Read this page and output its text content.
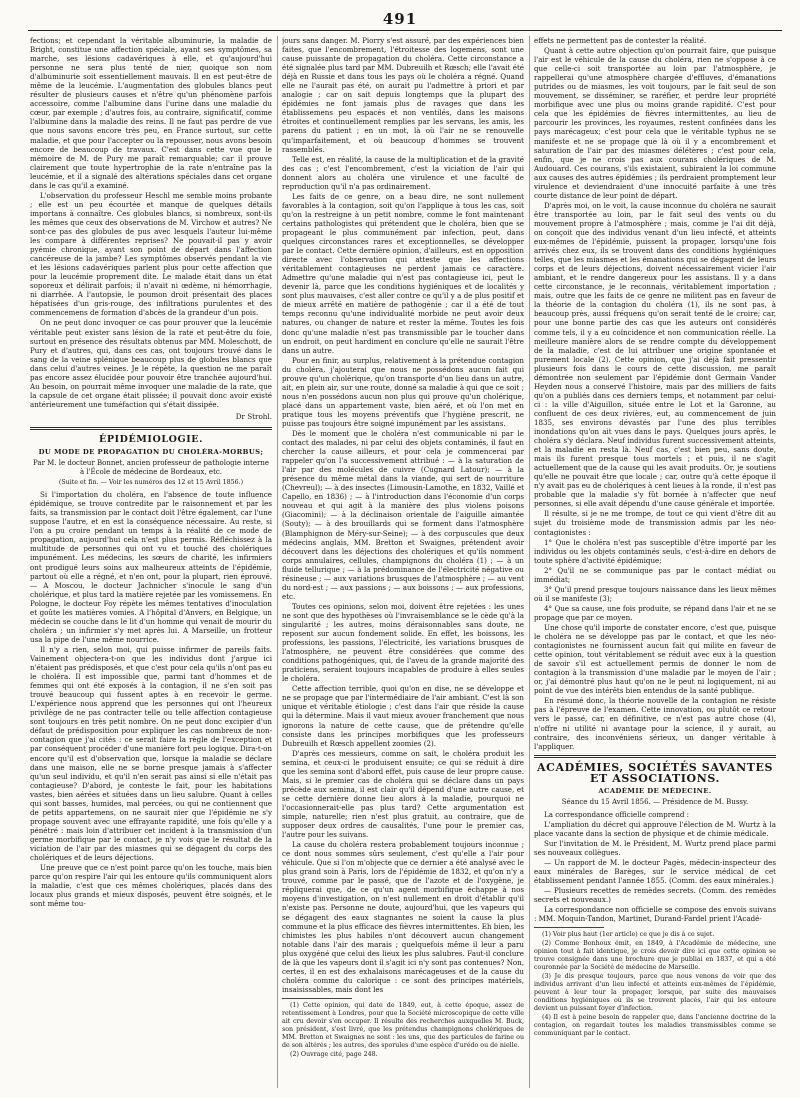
491

fections; et cependant la véritable albuminurie, la maladie de Bright, constitue une affection spéciale, ayant ses symptômes, sa marche, ses lésions cadavériques à elle, et qu'aujourd'hui personne ne sera plus tenté de nier, quoique son nom d'albuminurie soit essentiellement mauvais. Il en est peut-être de même de la leucémie. L'augmentation des globules blancs peut résulter de plusieurs causes et n'être qu'un phénomène parfois accessoire, comme l'albumine dans l'urine dans une maladie du cœur, par exemple ; d'autres fois, au contraire, significatif, comme l'albumine dans la maladie des reins. Il ne faut pas perdre de vue que nous savons encore très peu, en France surtout, sur cette maladie, et que pour l'accepter ou la repousser, nous avons besoin encore de beaucoup de travaux. C'est dans cette vue que le mémoire de M. de Pury me paraît remarquable; car il prouve clairement que toute hypertrophie de la rate n'entraîne pas la leucémie, et il a signalé des altérations spéciales dans cet organe dans le cas qu'il a examiné.

L'observation du professeur Heschl me semble moins probante ; elle est un peu écourtée et manque de quelques détails importans à connaître. Ces globules blancs, si nombreux, sont-ils les mêmes que ceux des observations de M. Virchow et autres? Ne sont-ce pas des globules de pus avec lesquels l'auteur lui-même les compare à différentes reprises? Ne pouvait-il pas y avoir pyémie chronique, ayant son point de départ dans l'affection cancéreuse de la jambe? Les symptômes observés pendant la vie et les lésions cadavériques parlent plus pour cette affection que pour la leucémie proprement dite. Le malade était dans un état soporeux et délirait parfois; il n'avait ni œdème, ni hémorrhagie, ni diarrhée. A l'autopsie, le poumon droit présentait des places hépatisées d'un gris-rouge, des infiltrations purulentes et des commencemens de formation d'abcès de la grandeur d'un pois.

On ne peut donc invoquer ce cas pour prouver que la leucémie véritable peut exister sans lésion de la rate et peut-être du foie, surtout en présence des résultats obtenus par MM. Moleschott, de Pury et d'autres, qui, dans ces cas, ont toujours trouvé dans le sang de la veine splénique beaucoup plus de globules blancs que dans celui d'autres veines. Je le répète, la question ne me paraît pas encore assez élucidée pour pouvoir être tranchée aujourd'hui. Au besoin, on pourrait même invoquer une maladie de la rate, que la capsule de cet organe était plissée; il pouvait donc avoir existé antérieurement une tuméfaction qui s'était dissipée.

Dr Strohl.
ÉPIDÉMIOLOGIE.
DU MODE DE PROPAGATION DU CHOLÉRA-MORBUS;
Par M. le docteur Bonnet, ancien professeur de pathologie interne à l'École de médecine de Bordeaux, etc.
(Suite et fin. — Voir les numéros des 12 et 15 Avril 1856.)

Si l'importation du choléra, en l'absence de toute influence épidémique, se trouve contredite par le raisonnement et par les faits, sa transmission par le contact doit l'être également, car l'une suppose l'autre, et en est la conséquence nécessaire. Au reste, si l'on a pu croire pendant un temps à la réalité de ce mode de propagation, aujourd'hui cela n'est plus permis. Réfléchissez à la multitude de personnes qui ont vu et touché des cholériques impunément. Les médecins, les sœurs de charité, les infirmiers ont prodigué leurs soins aux malheureux atteints de l'épidémie, partout où elle a régné, et n'en ont, pour la plupart, rien éprouvé. — A Moscou, le docteur Jachnicher s'inocule le sang d'un cholérique, et plus tard la matière rejetée par les vomissemens. En Pologne, le docteur Foy répète les mêmes tentatives d'inoculation et goûte les matières vomies. A l'hôpital d'Anvers, en Belgique, un médecin se couche dans le lit d'un homme qui venait de mourir du choléra ; un infirmier s'y met après lui. A Marseille, un frotteur usa la pipe de l'une même nourrice.

Il n'y a rien, selon moi, qui puisse infirmer de pareils faits. Vainement objectera-t-on que les individus dont j'argue ici n'étaient pas prédisposés, et que c'est pour cela qu'ils n'ont pas eu le choléra. Il est impossible que, parmi tant d'hommes et de femmes qui ont été exposés à la contagion, il ne s'en soit pas trouvé beaucoup qui fussent aptes à en recevoir le germe. L'expérience nous apprend que les personnes qui ont l'heureux privilège de ne pas contracter telle ou telle affection contagieuse sont toujours en très petit nombre. On ne peut donc excipier d'un défaut de prédisposition pour expliquer les cas nombreux de non-contagion que j'ai cités : ce serait faire la règle de l'exception et par conséquent procéder d'une manière fort peu logique. Dira-t-on encore qu'il est d'observation que, lorsque la maladie se déclare dans une maison, elle ne se borne presque jamais à s'affecter qu'un seul individu, et qu'il n'en serait pas ainsi si elle n'était pas contagieuse? D'abord, je conteste le fait, pour les habitations vastes, bien aérées et situées dans un lieu salubre. Quant à celles qui sont basses, humides, mal percées, ou qui ne contiennent que de petits appartemens, on ne saurait nier que l'épidémie ne s'y propage souvent avec une effrayante rapidité, une fois qu'elle y a pénétré : mais loin d'attribuer cet incident à la transmission d'un germe morbifique par le contact, je n'y vois que le résultat de la viciation de l'air par des miasmes qui se dégagent du corps des cholériques et de leurs déjections.

Une preuve que ce n'est point parce qu'on les touche, mais bien parce qu'on respire l'air qui les entoure qu'ils communiquent alors la maladie, c'est que ces mêmes cholériques, placés dans des locaux plus grands et mieux disposés, peuvent être soignés, et le sont même tou-

jours sans danger. M. Piorry s'est assuré, par des expériences bien faites, que l'encombrement, l'étroitesse des logemens, sont une cause puissante de propagation du choléra. Cette circonstance a été signalée plus tard par MM. Dubreuilh et Rœsch; elle l'avait été déjà en Russie et dans tous les pays où le choléra a régné. Quand elle ne l'aurait pas été, on aurait pu l'admettre à priori et par analogie ; car on sait depuis longtemps que la plupart des épidémies ne font jamais plus de ravages que dans les établissemens peu espacés et non ventilés, dans les maisons étroites et continuellement remplies par les servans, les amis, les parens du patient ; en un mot, là où l'air ne se renouvelle qu'imparfaitement, et où beaucoup d'hommes se trouvent rassemblés.

Telle est, en réalité, la cause de la multiplication et de la gravité des cas ; c'est l'encombrement, c'est la viciation de l'air qui donnent alors au choléra une virulence et une faculté de reproduction qu'il n'a pas ordinairement.

Les faits de ce genre, on a beau dire, ne sont nullement favorables à la contagion, soit qu'on l'applique à tous les cas, soit qu'on la restreigne à un petit nombre, comme le font maintenant certains pathologistes qui prétendent que le choléra, bien que se propageant le plus communément par infection, peut, dans quelques circonstances rares et exceptionnelles, se développer par le contact. Cette dernière opinion, d'ailleurs, est en opposition directe avec l'observation qui atteste que les affections véritablement contagieuses ne perdent jamais ce caractère. Admettre qu'une maladie qui n'est pas contagieuse ici, peut le devenir là, parce que les conditions hygiéniques et de localités y sont plus mauvaises, c'est aller contre ce qu'il y a de plus positif et de mieux arrêté en matière de pathogénie ; car il a été de tout temps reconnu qu'une individualité morbide ne peut avoir deux natures, ou changer de nature et rester la même. Toutes les fois donc qu'une maladie n'est pas transmissible par le toucher dans un endroit, on peut hardiment en conclure qu'elle ne saurait l'être dans un autre.

Pour en finir, au surplus, relativement à la prétendue contagion du choléra, j'ajouterai que nous ne possédons aucun fait qui prouve qu'un cholérique, qu'on transporte d'un lieu dans un autre, ait, en plein air, sur une route, donné sa maladie à qui que ce soit ; nous n'en possédons aucun non plus qui prouve qu'un cholérique, placé dans un appartement vaste, bien aéré, et où l'on met en pratique tous les moyens préventifs que l'hygiène prescrit, ne puisse pas toujours être soigné impunément par les assistans.

Dès le moment que le choléra n'est communicable ni par le contact des malades, ni par celui des objets contaminés, il faut en chercher la cause ailleurs, et pour cela je commencerai par rappeler qu'on l'a successivement attribué : — à la saturation de l'air par des molécules de cuivre (Cugnard Latour); — à la présence du même métal dans la viande, qui sert de nourriture (Chevreul); — à des insectes (Limousin-Lamothe, en 1832, Vaillé et Capello, en 1836) ; — à l'introduction dans l'économie d'un corps nouveau et qui agit à la manière des plus violens poisons (Giacomini); — à la déclinaison orientale de l'aiguille aimantée (Souty); — à des brouillards qui se forment dans l'atmosphère (Blamphignon de Méry-sur-Seine); — à des corpuscules que deux médecins anglais, MM. Bretton et Swaignes, prétendent avoir découvert dans les déjections des cholériques et qu'ils nomment corps annulaires, cellules, champignons du choléra (1) ; — à un fluide tellurique ; — à la prédominance de l'électricité négative ou résineuse ; — aux variations brusques de l'atmosphère ; — au vent du nord-est ; — aux passions ; — aux boissons ; — aux professions, etc.

Toutes ces opinions, selon moi, doivent être rejetées : les unes ne sont que des hypothèses où l'invraisemblance se le cède qu'à la singularité ; les autres, moins déraisonnables sans doute, ne reposent sur aucun fondement solide. En effet, les boissons, les professions, les passions, l'électricité, les variations brusques de l'atmosphère, ne peuvent être considérées que comme des conditions pathogéniques, qui, de l'aveu de la grande majorité des praticiens, seraient toujours incapables de produire à elles seules le choléra.

Cette affection terrible, quoi qu'on en dise, ne se développe et ne se propage que par l'intermédiaire de l'air ambiant. C'est là son unique et véritable étiologie ; c'est dans l'air que réside la cause qui la détermine. Mais il vaut mieux avouer franchement que nous ignorons la nature de cette cause, que de prétendre qu'elle consiste dans les principes morbifiques que les professeurs Dubreuilh et Rœsch appellent zoomies (2).

D'après ces messieurs, comme on sait, le choléra produit les semina, et ceux-ci le produisent ensuite; ce qui se réduit à dire que les semina sont d'abord effet, puis cause de leur propre cause. Mais, si le premier cas de choléra qui se déclare dans un pays précède aux semina, il est clair qu'il dépend d'une autre cause, et se cette dernière donne lieu alors à la maladie, pourquoi ne l'occasionnerait-elle pas plus tard? Cette argumentation est simple, naturelle; rien n'est plus gratuit, au contraire, que de supposer deux ordres de causalités, l'une pour le premier cas, l'autre pour les suivans.

La cause du choléra restera probablement toujours inconnue ; ce dont nous sommes sûrs seulement, c'est qu'elle a l'air pour véhicule. Que si l'on m'objecte que ce dernier a été analysé avec le plus grand soin à Paris, lors de l'épidémie de 1832, et qu'on n'y a trouvé, comme par le passé, que de l'azote et de l'oxygène, je répliquerai que, de ce qu'un agent morbifique échappe à nos moyens d'investigation, on n'est nullement en droit d'établir qu'il n'existe pas. Personne ne doute, aujourd'hui, que les vapeurs qui se dégagent des eaux stagnantes ne soient la cause la plus commune et la plus efficace des fièvres intermittentes. Eh bien, les chimistes les plus habiles n'ont découvert aucun changement notable dans l'air des marais ; quelquefois même il leur a paru plus oxygéné que celui des lieux les plus salubres. Faut-il conclure de là que les vapeurs dont il s'agit ici n'y sont pas contenues? Non, certes, il en est des exhalaisons marécageuses et de la cause du choléra comme du calorique : ce sont des principes matériels, insaisissables, mais dont les

(1) Cette opinion, qui date de 1849, eut, à cette époque, assez de retentissement à Londres, pour que la Société microscopique de cette ville ait cru devoir s'en occuper. Il résulte des recherches auxquelles M. Buck, son président, s'est livré, que les prétendus champignons cholériques de MM. Bretton et Swaignes ne sont : les uns, que des particules de farine ou de son altérés ; les autres, des sporules d'une espèce d'urédo ou de nielle.

(2) Ouvrage cité, page 248.

effets ne permettent pas de contester la réalité.

Quant à cette autre objection qu'on pourrait faire, que puisque l'air est le véhicule de la cause du choléra, rien ne s'oppose à ce que celle-ci soit transportée au loin par l'atmosphère, je rappellerai qu'une atmosphère chargée d'effluves, d'émanations putrides ou de miasmes, les voit toujours, par le fait seul de son mouvement, se disséminer, se raréfier, et perdre leur propriété morbifique avec une plus ou moins grande rapidité. C'est pour cela que les épidémies de fièvres intermittentes, au lieu de parcourir les provinces, les royaumes, restent confinées dans les pays marécageux; c'est pour cela que le véritable typhus ne se manifeste et ne se propage que là où il y a encombrement et saturation de l'air par des miasmes délétères ; c'est pour cela, enfin, que je ne crois pas aux courans cholériques de M. Audouard. Ces courans, s'ils existaient, subiraient la loi commune aux causes des autres épidémies ; ils perdraient promptement leur virulence et deviendraient d'une innocuité parfaite à une très courte distance de leur point de départ.

D'après moi, on le voit, la cause inconnue du choléra ne saurait être transportée au loin, par le fait seul des vents ou du mouvement propre à l'atmosphère ; mais, comme je l'ai dit déjà, on conçoit que des individus venant d'un lieu infecté, et atteints eux-mêmes de l'épidémie, puissent la propager, lorsqu'une fois arrivés chez eux, ils se trouvent dans des conditions hygiéniques telles, que les miasmes et les émanations qui se dégagent de leurs corps et de leurs déjections, doivent nécessairement vicier l'air ambiant, et le rendre dangereux pour les assistans. Il y a dans cette circonstance, je le reconnais, véritablement importation ; mais, outre que les faits de ce genre ne militent pas en faveur de la théorie de la contagion du choléra (1), ils ne sont pas, à beaucoup près, aussi fréquens qu'on serait tenté de le croire; car, pour une bonne partie des cas que les auteurs ont considérés comme tels, il y a eu coïncidence et non communication réelle. La meilleure manière alors de se rendre compte du développement de la maladie, c'est de lui attribuer une origine spontanée et purement locale (2). Cette opinion, que j'ai déjà fait pressentir plusieurs fois dans le cours de cette discussion, me paraît démontrée non seulement par l'épidémie dont Germain Vander Heyden nous a conservé l'histoire, mais par des milliers de faits qu'on a publiés dans ces derniers temps, et notamment par celui-ci : la ville d'Aiguillon, située entre le Lot et la Garonne, au confluent de ces deux rivières, eut, au commencement de juin 1835, ses environs dévastés par l'une des plus terribles inondations qu'on ait vues dans le pays. Quelques jours après, le choléra s'y déclara. Neuf individus furent successivement atteints, et la maladie en resta là. Neuf cas, c'est bien peu, sans doute, mais ils furent presque tous mortels ; et puis, il ne s'agit actuellement que de la cause qui les avait produits. Or, je soutiens qu'elle ne pouvait être que locale ; car, outre qu'à cette époque il n'y avait pas eu de cholériques à cent lieues à la ronde, il n'est pas probable que la maladie s'y fût bornée à n'affecter que neuf personnes, si elle avait dépendu d'une cause générale et importée.

Il résulte, si je ne me trompe, de tout ce qui vient d'être dit au sujet du troisième mode de transmission admis par les néo-contagionistes :

1° Que le choléra n'est pas susceptible d'être importé par les individus ou les objets contaminés seuls, c'est-à-dire en dehors de toute sphère d'activité épidémique;

2° Qu'il ne se communique pas par le contact médiat ou immédiat;

3° Qu'il prend presque toujours naissance dans les lieux mêmes où il se manifeste (3);

4° Que sa cause, une fois produite, se répand dans l'air et ne se propage que par ce moyen.

Une chose qu'il importe de constater encore, c'est que, puisque le choléra ne se développe pas par le contact, et que les néo-contagionistes ne fournissent aucun fait qui milite en faveur de cette opinion, tout véritablement se réduit avec eux à la question de savoir s'il est actuellement permis de donner le nom de contagion à la transmission d'une maladie par le moyen de l'air ; or, j'ai démontré plus haut qu'on ne le peut ni logiquement, ni au point de vue des intérêts bien entendus de la santé publique.

En résumé donc, la théorie nouvelle de la contagion ne résiste pas à l'épreuve de l'examen. Cette innovation, ou plutôt ce retour vers le passé, car, en définitive, ce n'est pas autre chose (4), n'offre ni utilité ni avantage pour la science, il y aurait, au contraire, des inconvéniens sérieux, un danger véritable à l'appliquer.

ACADÉMIES, SOCIÉTÉS SAVANTES ET ASSOCIATIONS.
ACADÉMIE DE MÉDECINE.
Séance du 15 Avril 1856. — Présidence de M. Bussy.

La correspondance officielle comprend :

L'ampliation du décret qui approuve l'élection de M. Wurtz à la place vacante dans la section de physique et de chimie médicale.

Sur l'invitation de M. le Président, M. Wurtz prend place parmi ses nouveaux collègues.

— Un rapport de M. le docteur Pagès, médecin-inspecteur des eaux minérales de Barèges, sur le service médical de cet établissement pendant l'année 1855. (Comm. des eaux minérales.)

— Plusieurs recettes de remèdes secrets. (Comm. des remèdes secrets et nouveaux.)

La correspondance non officielle se compose des envois suivans : MM. Moquin-Tandon, Martinet, Durand-Fardel prient l'Acadé-

(1) Voir plus haut (1er article) ce que je dis à ce sujet.

(2) Comme Bonhoux émit, en 1849, à l'Académie de médecine, une opinion tout à fait identique, je crois devoir dire ici que cette opinion se trouve consignée dans une brochure que je publiai en 1837, et qui a été couronnée par la Société de médecine de Marseille.

(3) Je dis presque toujours, parce que nous venons de voir que des individus arrivant d'un lieu infecté et atteints eux-mêmes de l'épidémie, peuvent à leur tour la propager, lorsque, par suite des mauvaises conditions hygiéniques où ils se trouvent placés, l'air qui les entoure devient un puissant foyer d'infection.

(4) Il est à peine besoin de rappeler que, dans l'ancienne doctrine de la contagion, on regardait toutes les maladies transmissibles comme se communiquant par le contact.
